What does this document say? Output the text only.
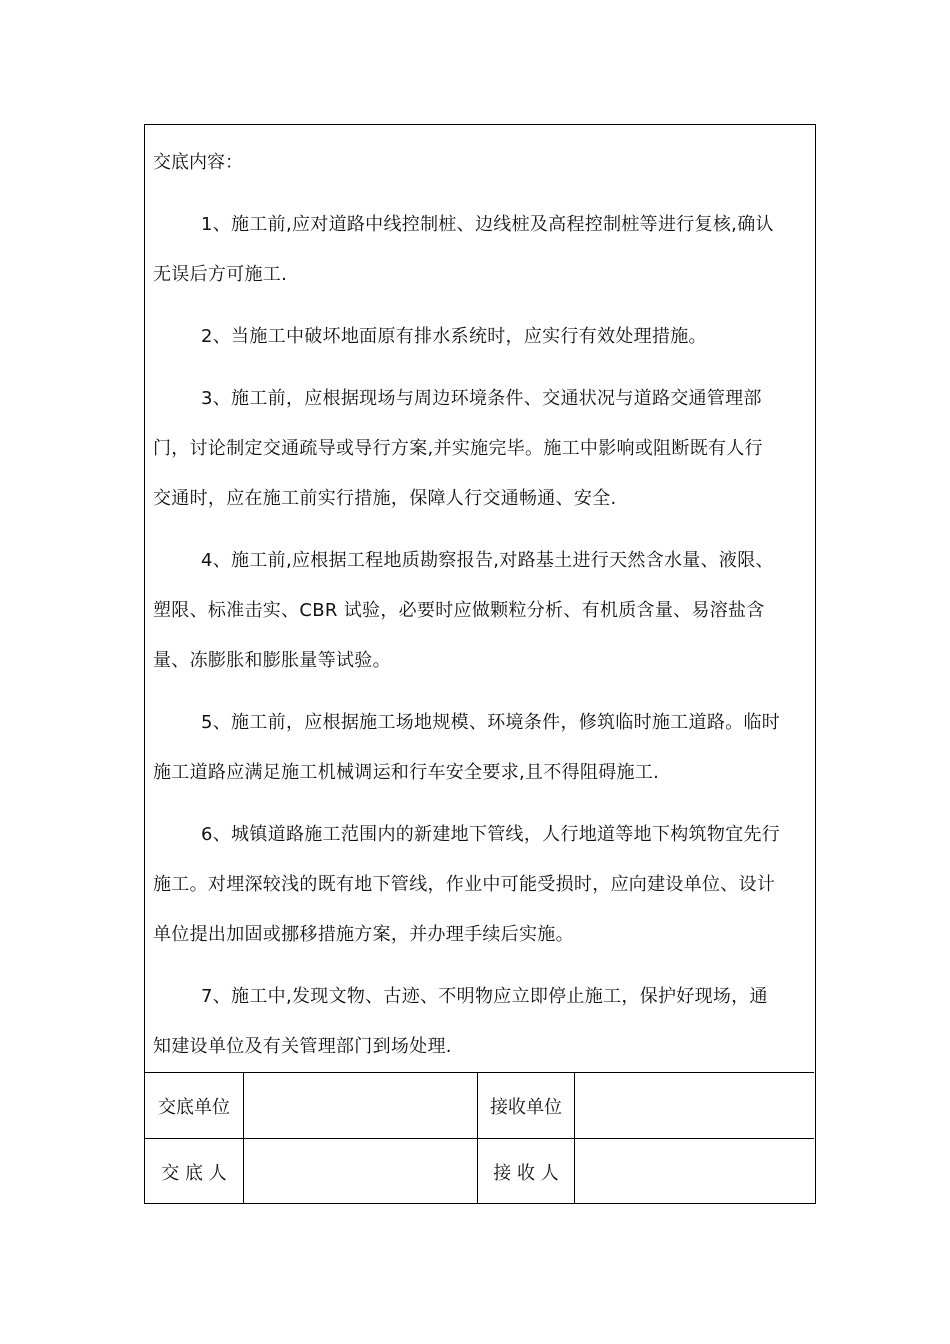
交底内容：
1、施工前,应对道路中线控制桩、边线桩及高程控制桩等进行复核,确认
无误后方可施工.
2、当施工中破坏地面原有排水系统时，应实行有效处理措施。
3、施工前，应根据现场与周边环境条件、交通状况与道路交通管理部
门，讨论制定交通疏导或导行方案,并实施完毕。施工中影响或阻断既有人行
交通时，应在施工前实行措施，保障人行交通畅通、安全.
4、施工前,应根据工程地质勘察报告,对路基土进行天然含水量、液限、
塑限、标准击实、CBR 试验，必要时应做颗粒分析、有机质含量、易溶盐含
量、冻膨胀和膨胀量等试验。
5、施工前，应根据施工场地规模、环境条件，修筑临时施工道路。临时
施工道路应满足施工机械调运和行车安全要求,且不得阻碍施工.
6、城镇道路施工范围内的新建地下管线，人行地道等地下构筑物宜先行
施工。对埋深较浅的既有地下管线，作业中可能受损时，应向建设单位、设计
单位提出加固或挪移措施方案，并办理手续后实施。
7、施工中,发现文物、古迹、不明物应立即停止施工，保护好现场，通
知建设单位及有关管理部门到场处理.
交底单位	接收单位
交 底 人	接 收 人
